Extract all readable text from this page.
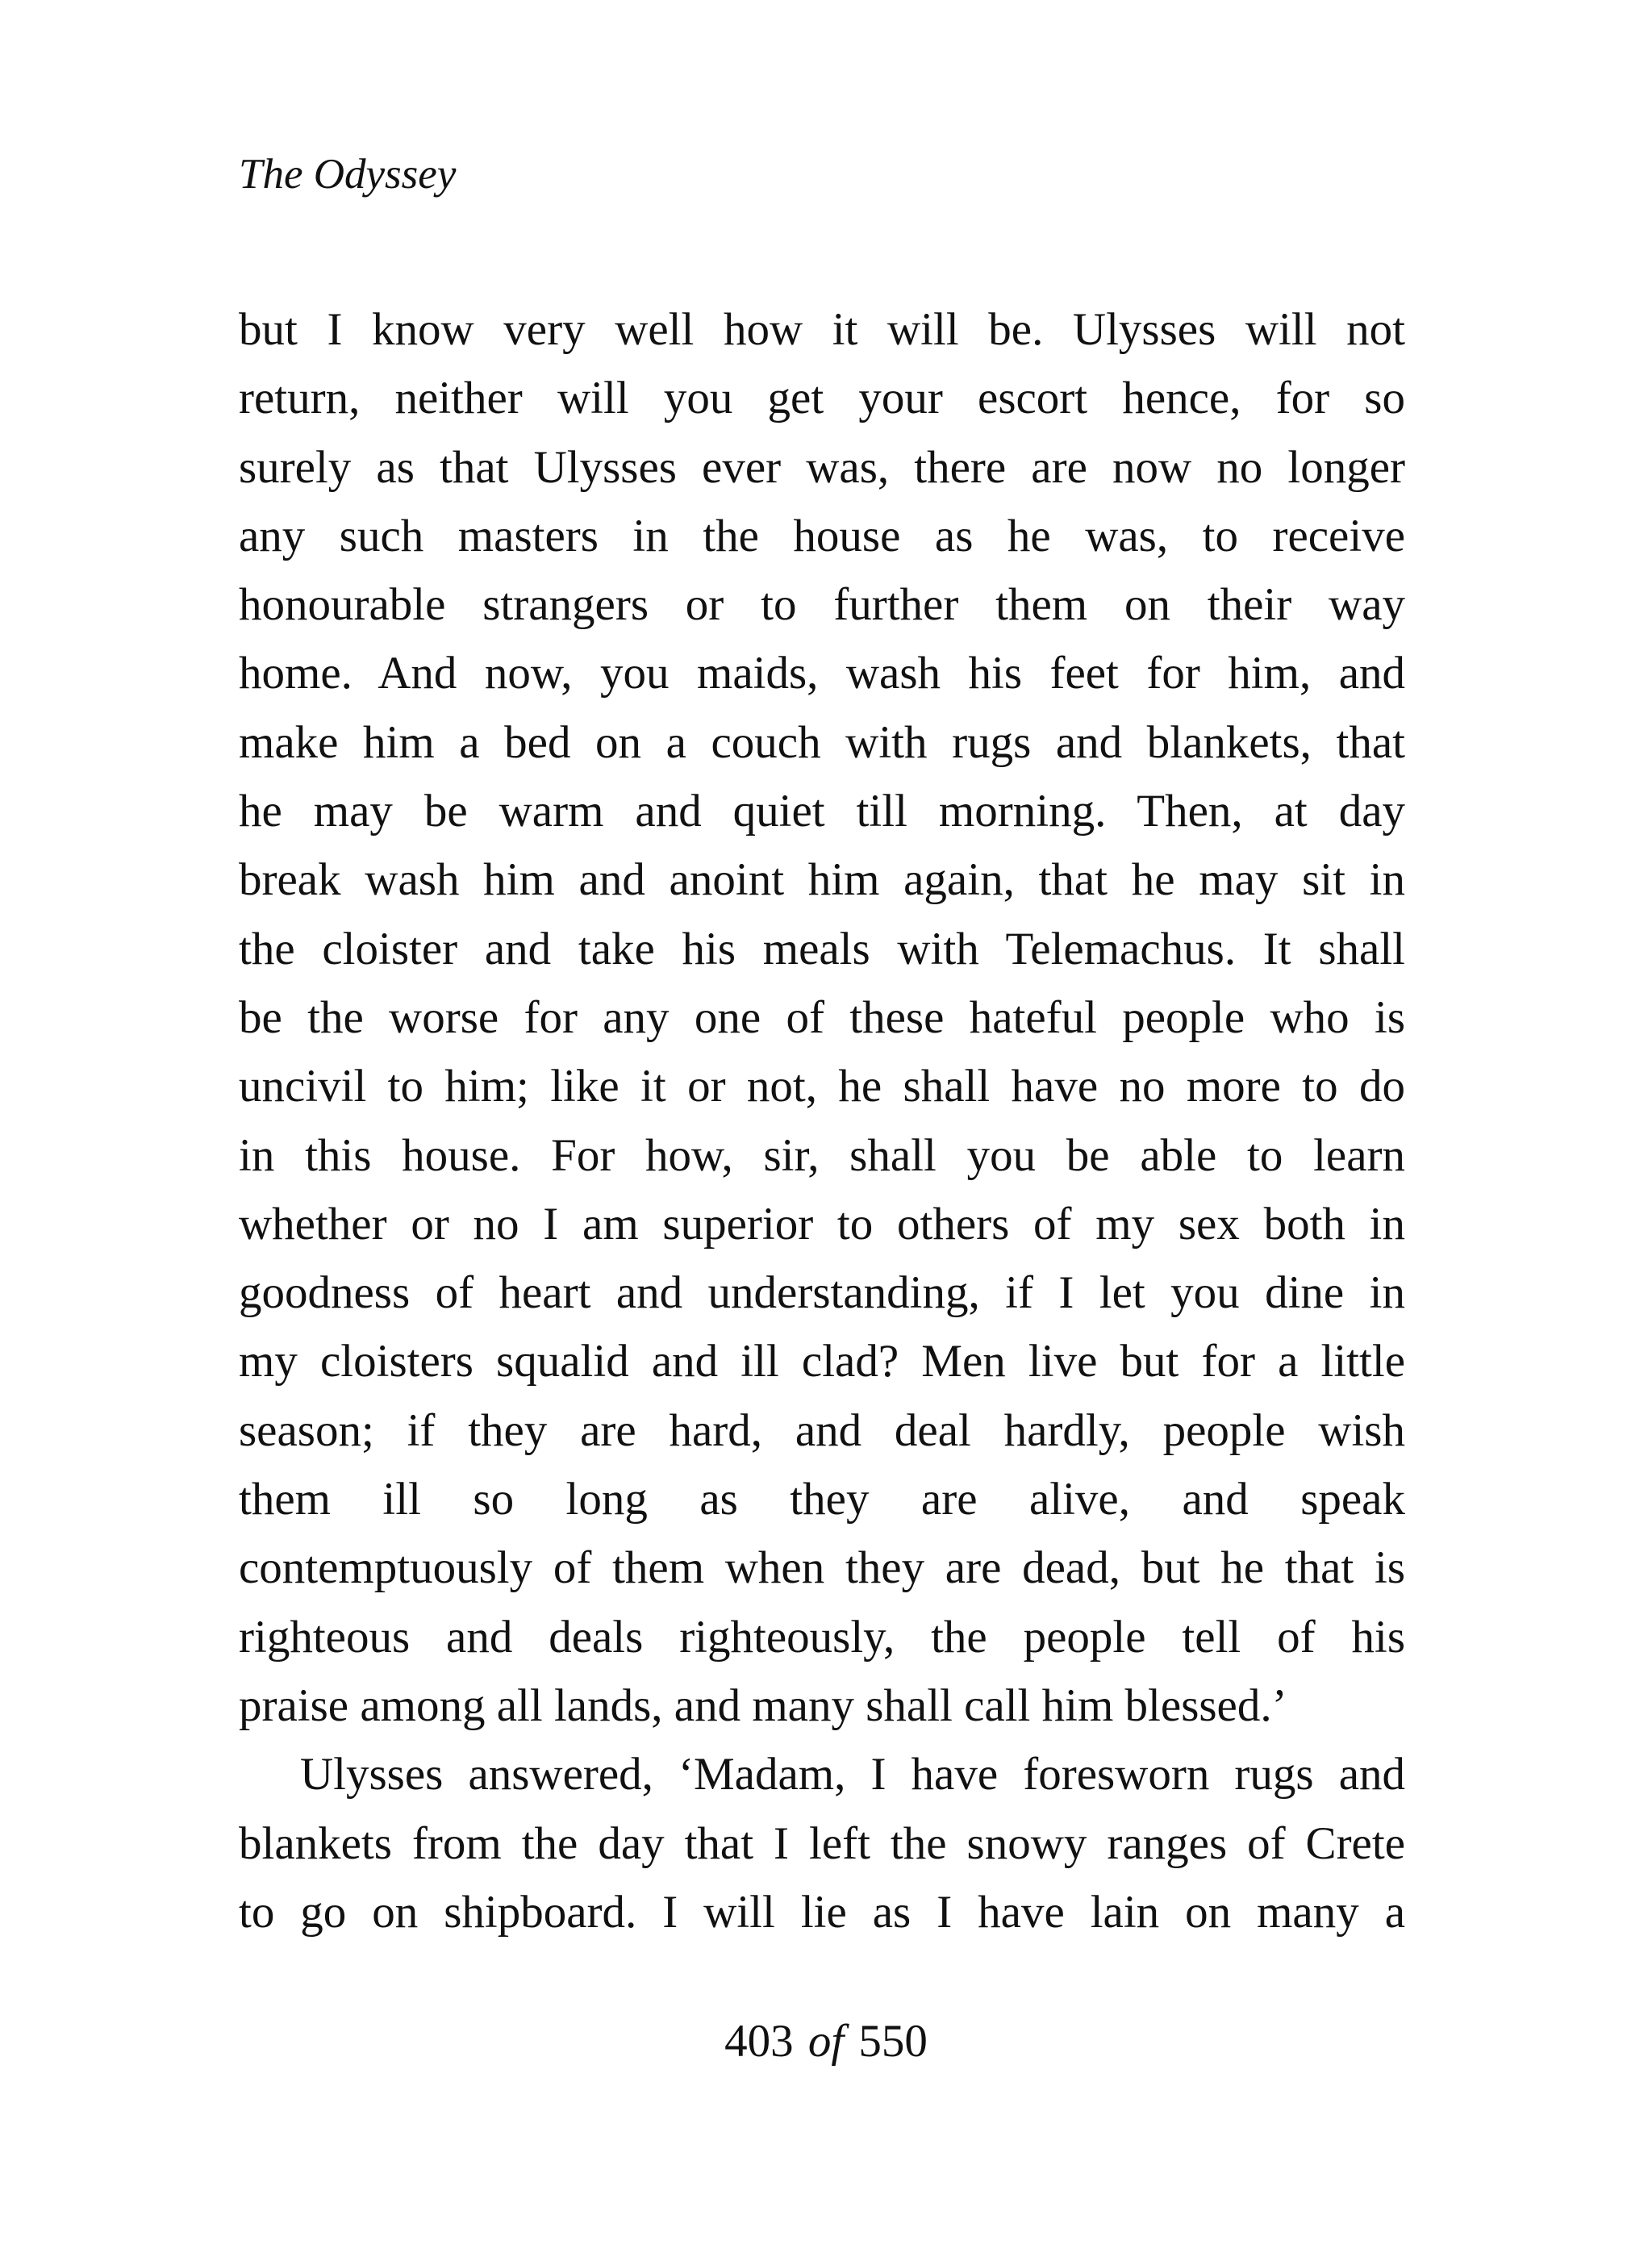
The Odyssey
but I know very well how it will be. Ulysses will not
return, neither will you get your escort hence, for so
surely as that Ulysses ever was, there are now no longer
any such masters in the house as he was, to receive
honourable strangers or to further them on their way
home. And now, you maids, wash his feet for him, and
make him a bed on a couch with rugs and blankets, that
he may be warm and quiet till morning. Then, at day
break wash him and anoint him again, that he may sit in
the cloister and take his meals with Telemachus. It shall
be the worse for any one of these hateful people who is
uncivil to him; like it or not, he shall have no more to do
in this house. For how, sir, shall you be able to learn
whether or no I am superior to others of my sex both in
goodness of heart and understanding, if I let you dine in
my cloisters squalid and ill clad? Men live but for a little
season; if they are hard, and deal hardly, people wish
them ill so long as they are alive, and speak
contemptuously of them when they are dead, but he that is
righteous and deals righteously, the people tell of his
praise among all lands, and many shall call him blessed.’
Ulysses answered, ‘Madam, I have foresworn rugs and
blankets from the day that I left the snowy ranges of Crete
to go on shipboard. I will lie as I have lain on many a
403 of 550
